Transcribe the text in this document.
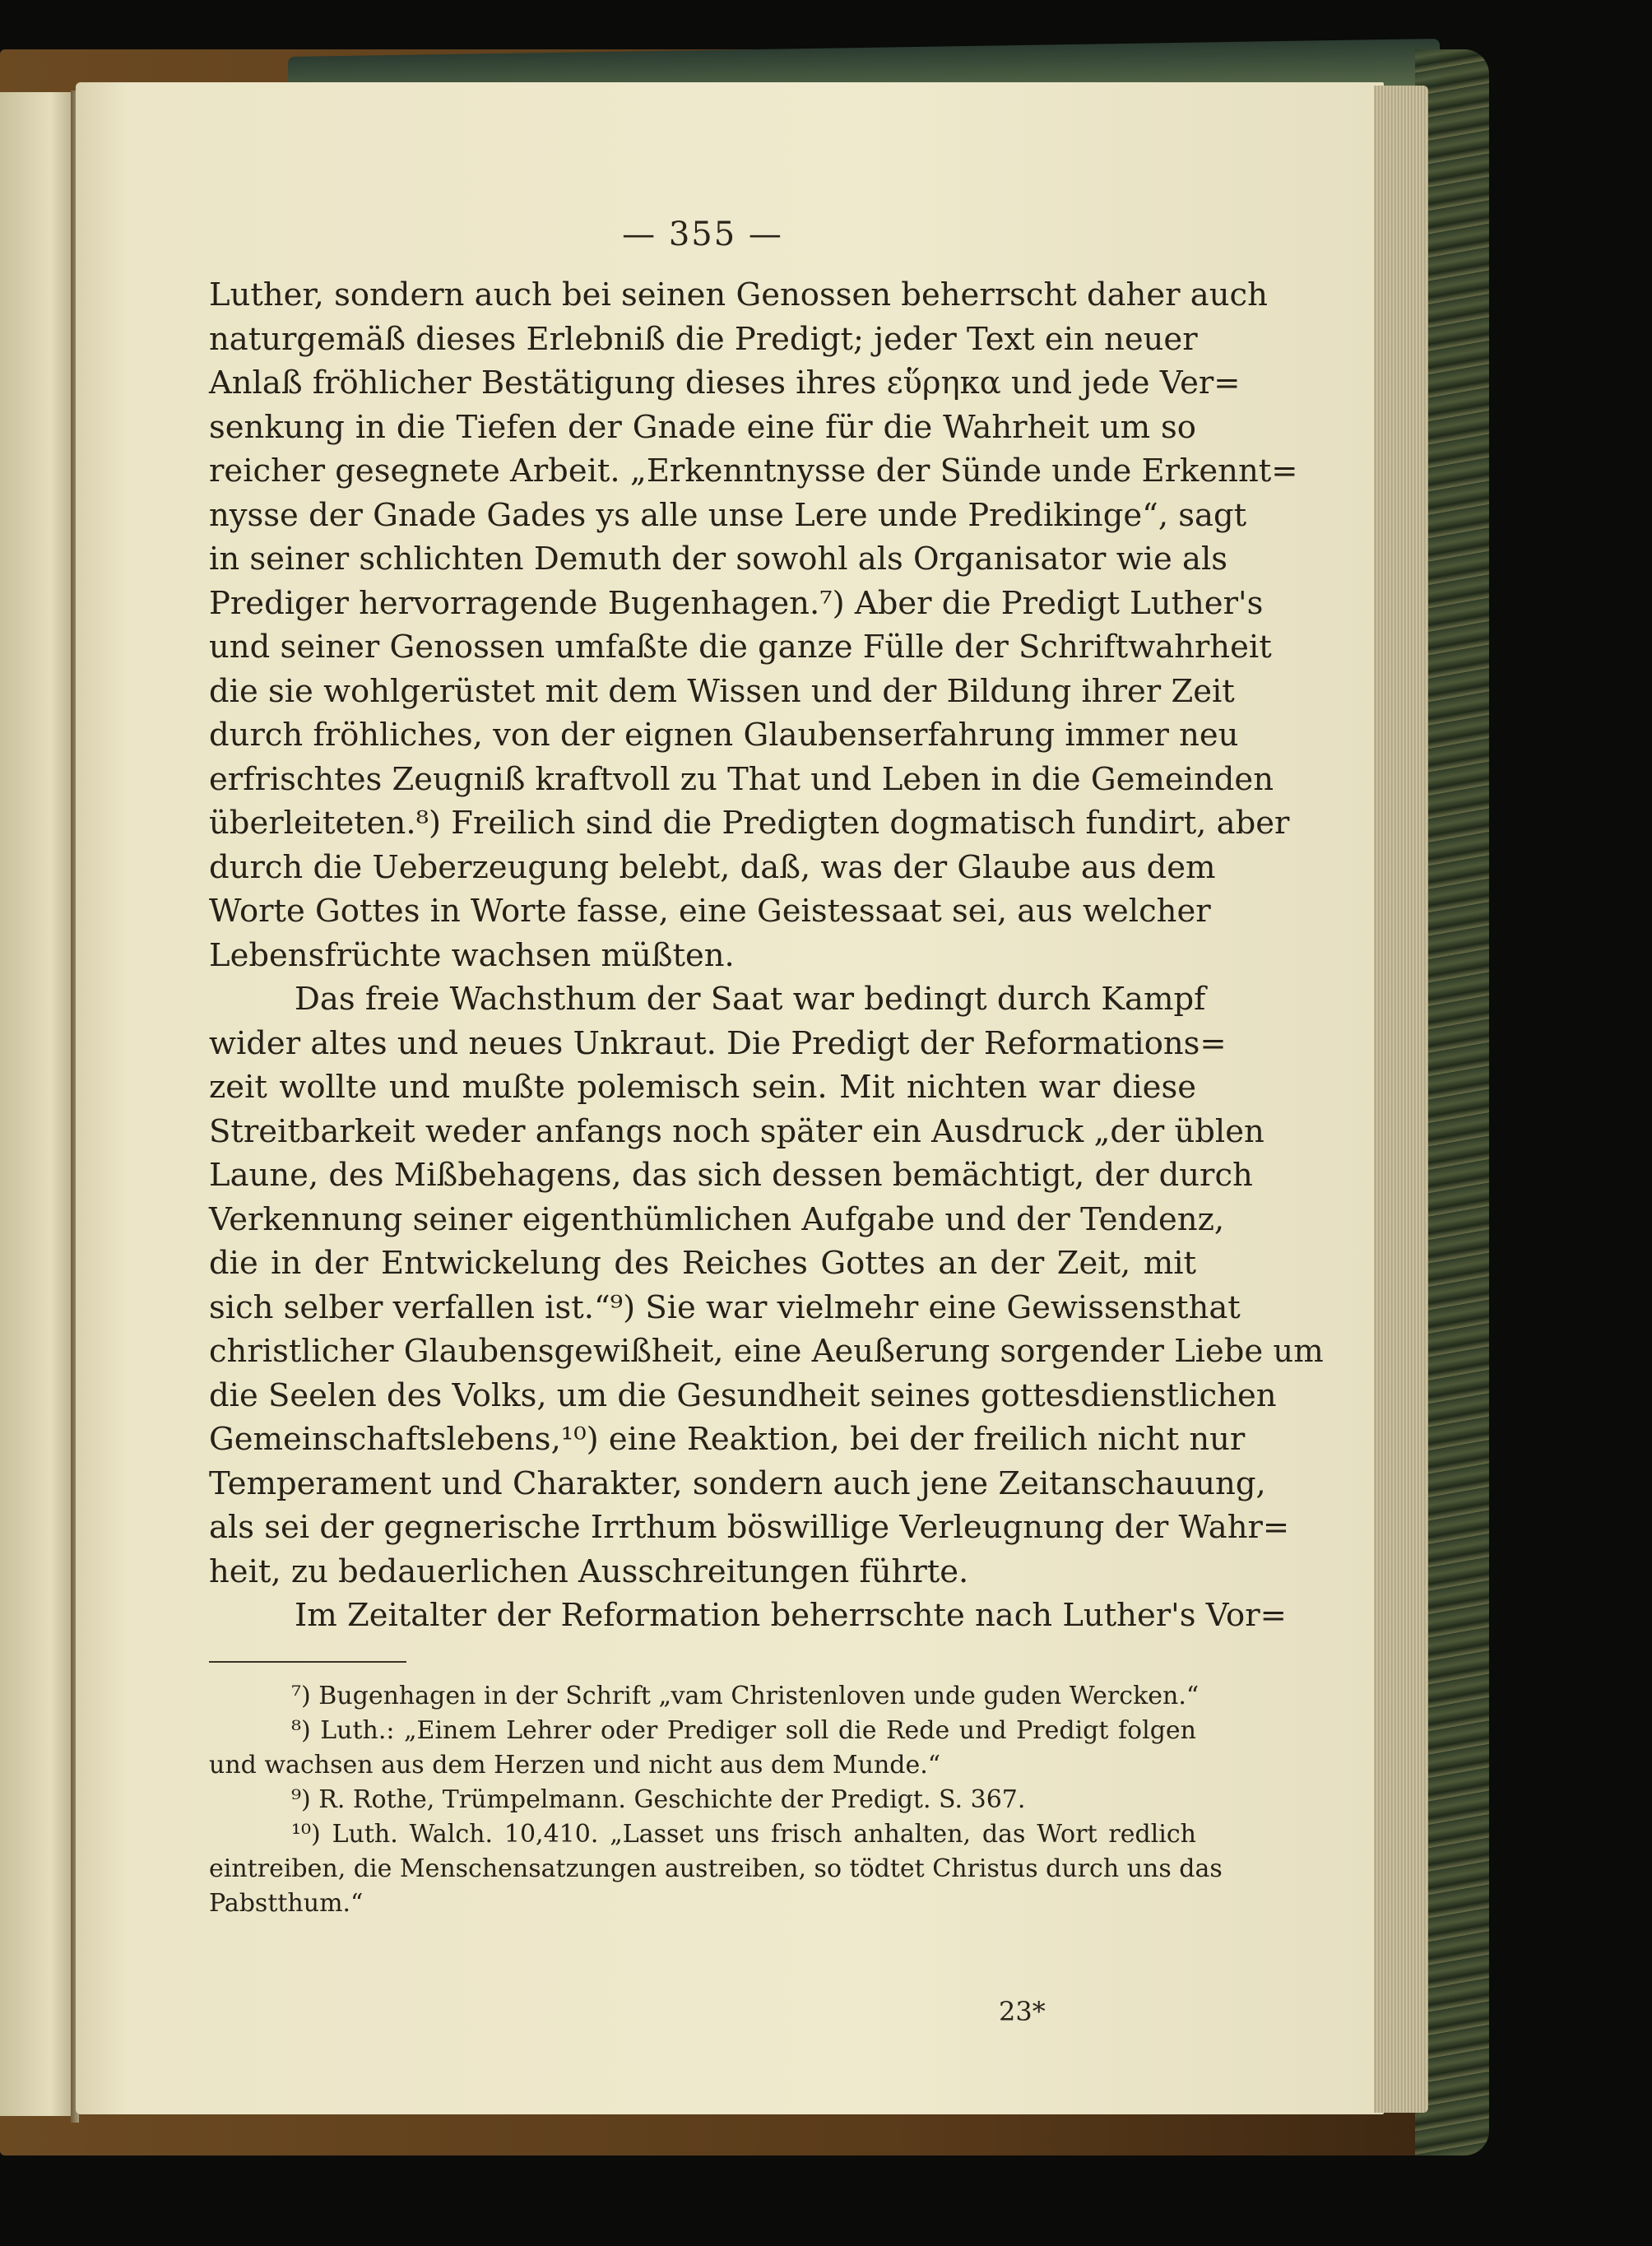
— 355 —

Luther, sondern auch bei seinen Genossen beherrscht daher auch

naturgemäß dieses Erlebniß die Predigt; jeder Text ein neuer

Anlaß fröhlicher Bestätigung dieses ihres εὕρηκα und jede Ver=

senkung in die Tiefen der Gnade eine für die Wahrheit um so

reicher gesegnete Arbeit. „Erkenntnysse der Sünde unde Erkennt=

nysse der Gnade Gades ys alle unse Lere unde Predikinge“, sagt

in seiner schlichten Demuth der sowohl als Organisator wie als

Prediger hervorragende Bugenhagen.⁷) Aber die Predigt Luther's

und seiner Genossen umfaßte die ganze Fülle der Schriftwahrheit

die sie wohlgerüstet mit dem Wissen und der Bildung ihrer Zeit

durch fröhliches, von der eignen Glaubenserfahrung immer neu

erfrischtes Zeugniß kraftvoll zu That und Leben in die Gemeinden

überleiteten.⁸) Freilich sind die Predigten dogmatisch fundirt, aber

durch die Ueberzeugung belebt, daß, was der Glaube aus dem

Worte Gottes in Worte fasse, eine Geistessaat sei, aus welcher

Lebensfrüchte wachsen müßten.

Das freie Wachsthum der Saat war bedingt durch Kampf

wider altes und neues Unkraut. Die Predigt der Reformations=

zeit wollte und mußte polemisch sein. Mit nichten war diese

Streitbarkeit weder anfangs noch später ein Ausdruck „der üblen

Laune, des Mißbehagens, das sich dessen bemächtigt, der durch

Verkennung seiner eigenthümlichen Aufgabe und der Tendenz,

die in der Entwickelung des Reiches Gottes an der Zeit, mit

sich selber verfallen ist.“⁹) Sie war vielmehr eine Gewissensthat

christlicher Glaubensgewißheit, eine Aeußerung sorgender Liebe um

die Seelen des Volks, um die Gesundheit seines gottesdienstlichen

Gemeinschaftslebens,¹⁰) eine Reaktion, bei der freilich nicht nur

Temperament und Charakter, sondern auch jene Zeitanschauung,

als sei der gegnerische Irrthum böswillige Verleugnung der Wahr=

heit, zu bedauerlichen Ausschreitungen führte.

Im Zeitalter der Reformation beherrschte nach Luther's Vor=

⁷) Bugenhagen in der Schrift „vam Christenloven unde guden Wercken.“

⁸) Luth.: „Einem Lehrer oder Prediger soll die Rede und Predigt folgen

und wachsen aus dem Herzen und nicht aus dem Munde.“

⁹) R. Rothe, Trümpelmann. Geschichte der Predigt. S. 367.

¹⁰) Luth. Walch. 10,410. „Lasset uns frisch anhalten, das Wort redlich

eintreiben, die Menschensatzungen austreiben, so tödtet Christus durch uns das

Pabstthum.“

23*
